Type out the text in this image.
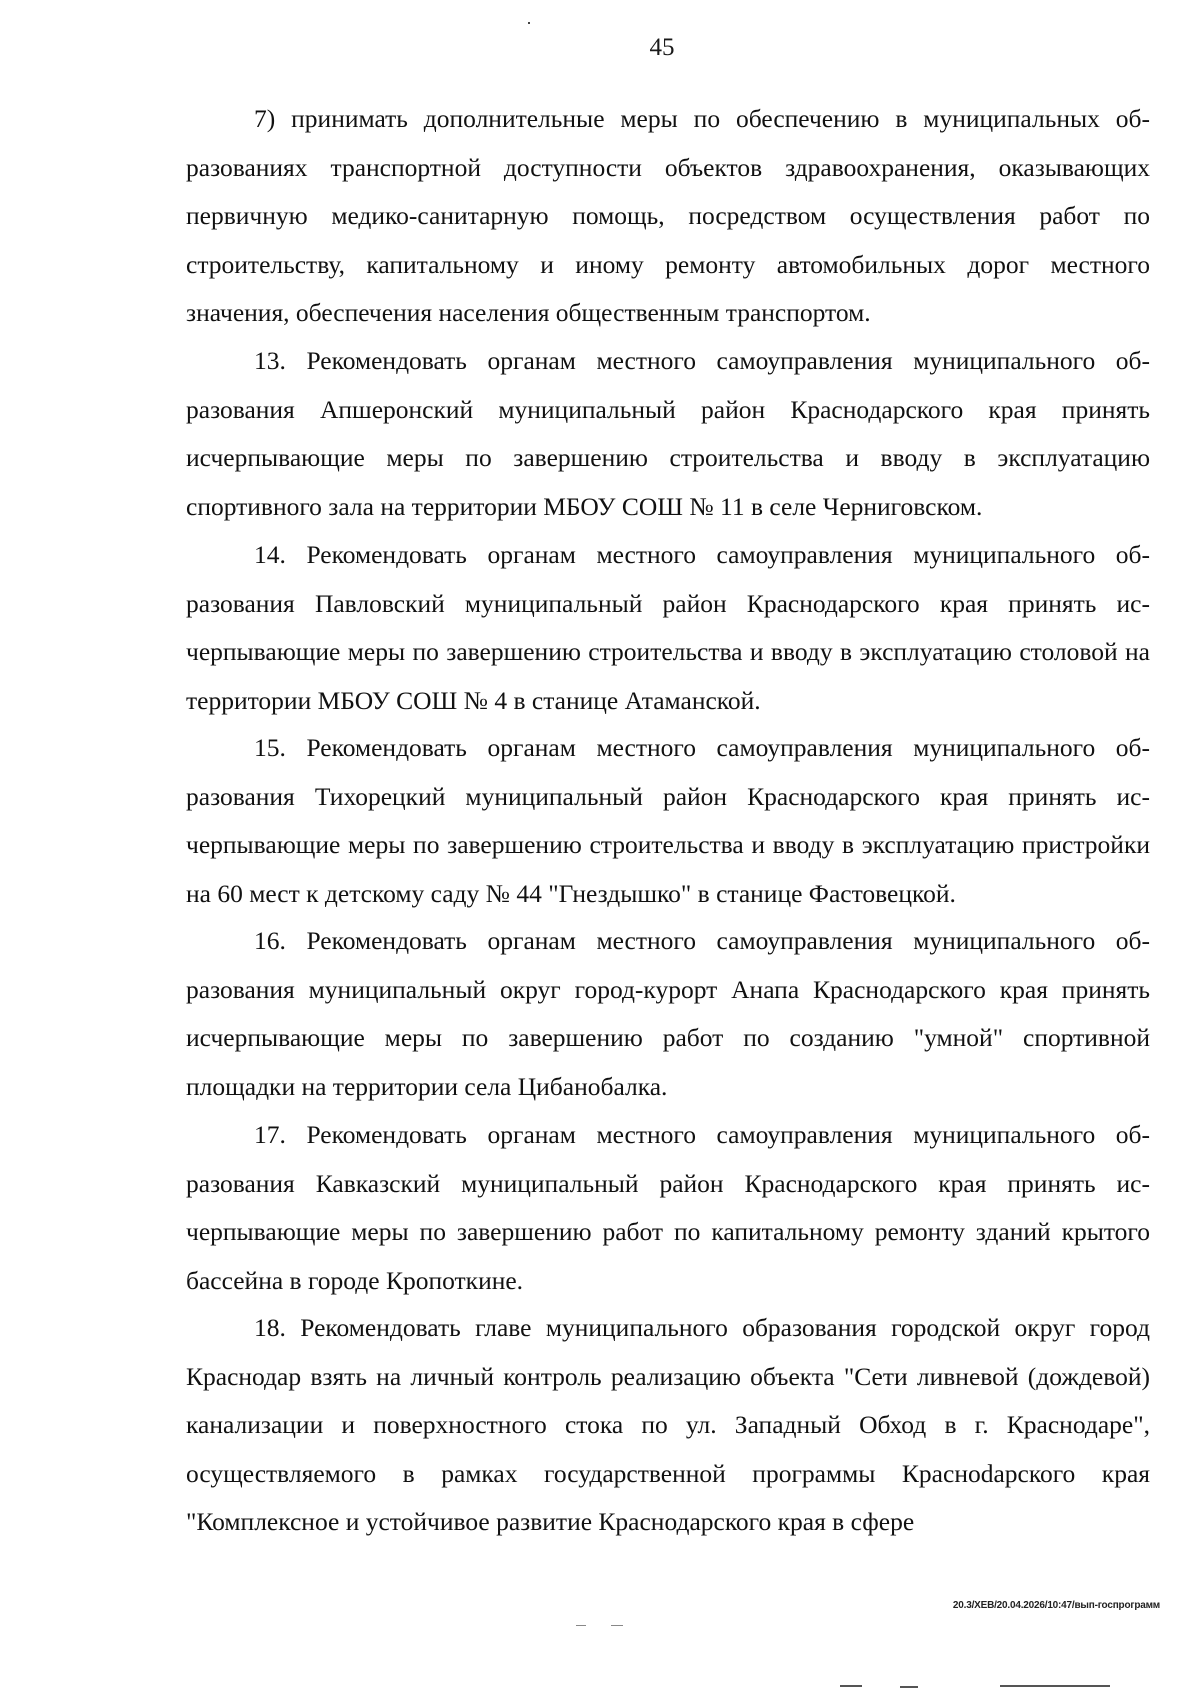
45

7) принимать дополнительные меры по обеспечению в муниципальных образованиях транспортной доступности объектов здравоохранения, оказывающих первичную медико-санитарную помощь, посредством осуществления работ по строительству, капитальному и иному ремонту автомобильных дорог местного значения, обеспечения населения общественным транспортом.

13. Рекомендовать органам местного самоуправления муниципального образования Апшеронский муниципальный район Краснодарского края принять исчерпывающие меры по завершению строительства и вводу в эксплуатацию спортивного зала на территории МБОУ СОШ № 11 в селе Черниговском.

14. Рекомендовать органам местного самоуправления муниципального образования Павловский муниципальный район Краснодарского края принять исчерпывающие меры по завершению строительства и вводу в эксплуатацию столовой на территории МБОУ СОШ № 4 в станице Атаманской.

15. Рекомендовать органам местного самоуправления муниципального образования Тихорецкий муниципальный район Краснодарского края принять исчерпывающие меры по завершению строительства и вводу в эксплуатацию пристройки на 60 мест к детскому саду № 44 "Гнездышко" в станице Фастовецкой.

16. Рекомендовать органам местного самоуправления муниципального образования муниципальный округ город-курорт Анапа Краснодарского края принять исчерпывающие меры по завершению работ по созданию "умной" спортивной площадки на территории села Цибанобалка.

17. Рекомендовать органам местного самоуправления муниципального образования Кавказский муниципальный район Краснодарского края принять исчерпывающие меры по завершению работ по капитальному ремонту зданий крытого бассейна в городе Кропоткине.

18. Рекомендовать главе муниципального образования городской округ город Краснодар взять на личный контроль реализацию объекта "Сети ливневой (дождевой) канализации и поверхностного стока по ул. Западный Обход в г. Краснодаре", осуществляемого в рамках государственной программы Красноdарского края "Комплексное и устойчивое развитие Краснодарского края в сфере

20.3/ХЕВ/20.04.2026/10:47/вып-госпрограмм
